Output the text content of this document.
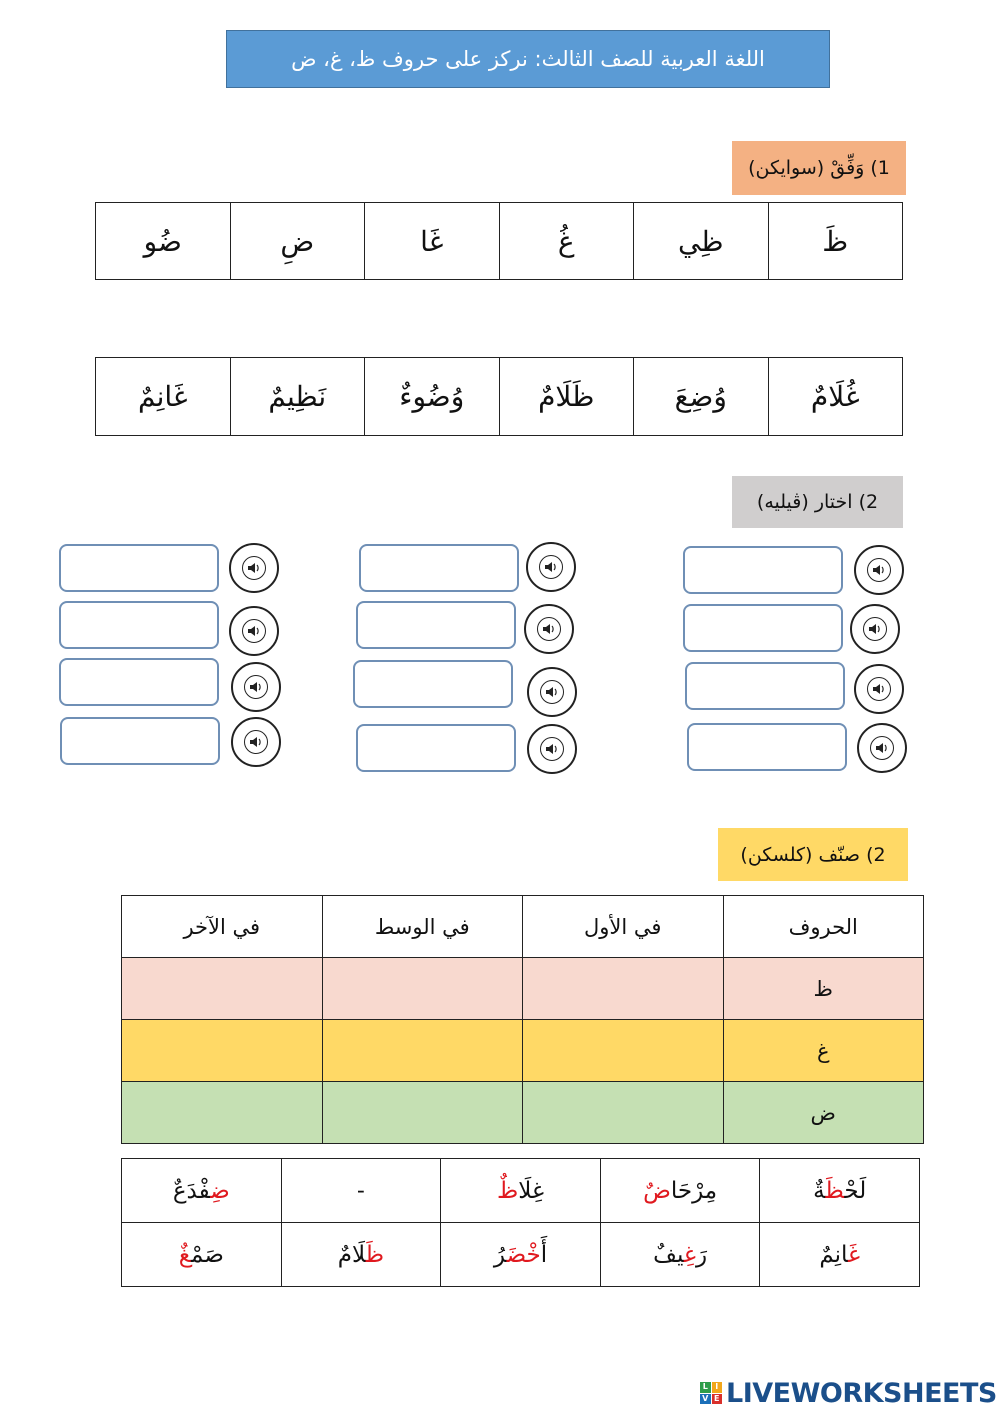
اللغة العربية للصف الثالث: نركز على حروف ظ، غ، ض
1) وَفِّقْ (سوايكن)
ظَ	ظِي	غُ	غَا	ضِ	ضُو
غُلَامٌ	وُضِعَ	ظَلَامٌ	وُضُوءٌ	نَظِيمٌ	غَانِمٌ
2) اختار (ڤيليه)
2) صنّف (كلسكن)
الحروف	في الأول	في الوسط	في الآخر
ظ			
غ			
ض			
لَحْظَةٌ	مِرْحَاضٌ	غِلَاظٌ	-	ضِفْدَعٌ
غَانِمٌ	رَغِيفٌ	أَخْضَرُ	ظَلَامٌ	صَمْغٌ
L I
V E LIVEWORKSHEETS
